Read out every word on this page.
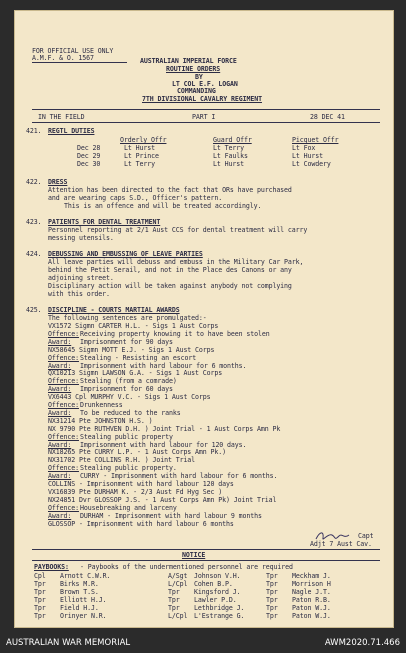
FOR OFFICIAL USE ONLY
A.M.F. & O. 1567	AUSTRALIAN IMPERIAL FORCE
ROUTINE ORDERS
BY
LT COL E.F. LOGAN
COMMANDING
7TH DIVISIONAL CAVALRY REGIMENT
IN THE FIELD	PART I	28 DEC 41
421. REGTL DUTIES
Orderly Offr	Guard Offr	Picquet Offr
Dec 28	Lt Hurst	Lt Terry	Lt Fox
Dec 29	Lt Prince	Lt Faulks	Lt Hurst
Dec 30	Lt Terry	Lt Hurst	Lt Cowdery
422. DRESS
Attention has been directed to the fact that ORs have purchased
and are wearing caps S.D., Officer's pattern.
This is an offence and will be treated accordingly.
423. PATIENTS FOR DENTAL TREATMENT
Personnel reporting at 2/1 Aust CCS for dental treatment will carry
messing utensils.
424. DEBUSSING AND EMBUSSING OF LEAVE PARTIES
All leave parties will debuss and embuss in the Military Car Park,
behind the Petit Serail, and not in the Place des Canons or any
adjoining street.
Disciplinary action will be taken against anybody not complying
with this order.
425. DISCIPLINE - COURTS MARTIAL AWARDS
The following sentences are promulgated:-
Capt
Adjt 7 Aust Cav.
NOTICE
PAYBOOKS: - Paybooks of the undermentioned personnel are required
VX1572 Sigmn CARTER H.L. - Sigs 1 Aust Corps
Offence: Receiving property knowing it to have been stolen
Award: Imprisonment for 90 days
NX58645 Sigmn MOTT E.J. - Sigs 1 Aust Corps
Offence: Stealing - Resisting an escort
Award: Imprisonment with hard labour for 6 months.
QX10213 Sigmn LAWSON G.A. - Sigs 1 Aust Corps
Offence: Stealing (from a comrade)
Award: Imprisonment for 60 days
VX6443 Cpl MURPHY V.C. - Sigs 1 Aust Corps
Offence: Drunkenness
Award: To be reduced to the ranks
NX31214 Pte JOHNSTON H.S. )
NX 9790 Pte RUTHVEN D.H. ) Joint Trial - 1 Aust Corps Amn Pk
Offence: Stealing public property
Award: Imprisonment with hard labour for 120 days.
NX18265 Pte CURRY L.P. - 1 Aust Corps Amn Pk.)
NX31702 Pte COLLINS R.H. ) Joint Trial
Offence: Stealing public property.
Award: CURRY - Imprisonment with hard labour for 6 months.
COLLINS - Imprisonment with hard labour 120 days
VX16839 Pte DURHAM K. - 2/3 Aust Fd Hyg Sec )
NX24851 Dvr GLOSSOP J.S. - 1 Aust Corps Amn Pk) Joint Trial
Offence: Housebreaking and larceny
Award: DURHAM - Imprisonment with hard labour 9 months
GLOSSOP - Imprisonment with hard labour 6 months
Cpl Arnott C.W.R.	A/Sgt Johnson V.H.	Tpr Meckham J.
Tpr Birks M.R.	L/Cpl Cohen B.P.	Tpr Morrison H
Tpr Brown T.S.	Tpr Kingsford J.	Tpr Nagle J.T.
Tpr Elliott H.J.	Tpr Lawler P.D.	Tpr Paton R.B.
Tpr Field H.J.	Tpr Lethbridge J.	Tpr Paton W.J.
Tpr Orinyer N.R.	L/Cpl L'Estrange G.	Tpr Paton W.J.
AUSTRALIAN WAR MEMORIAL	AWM2020.71.466
